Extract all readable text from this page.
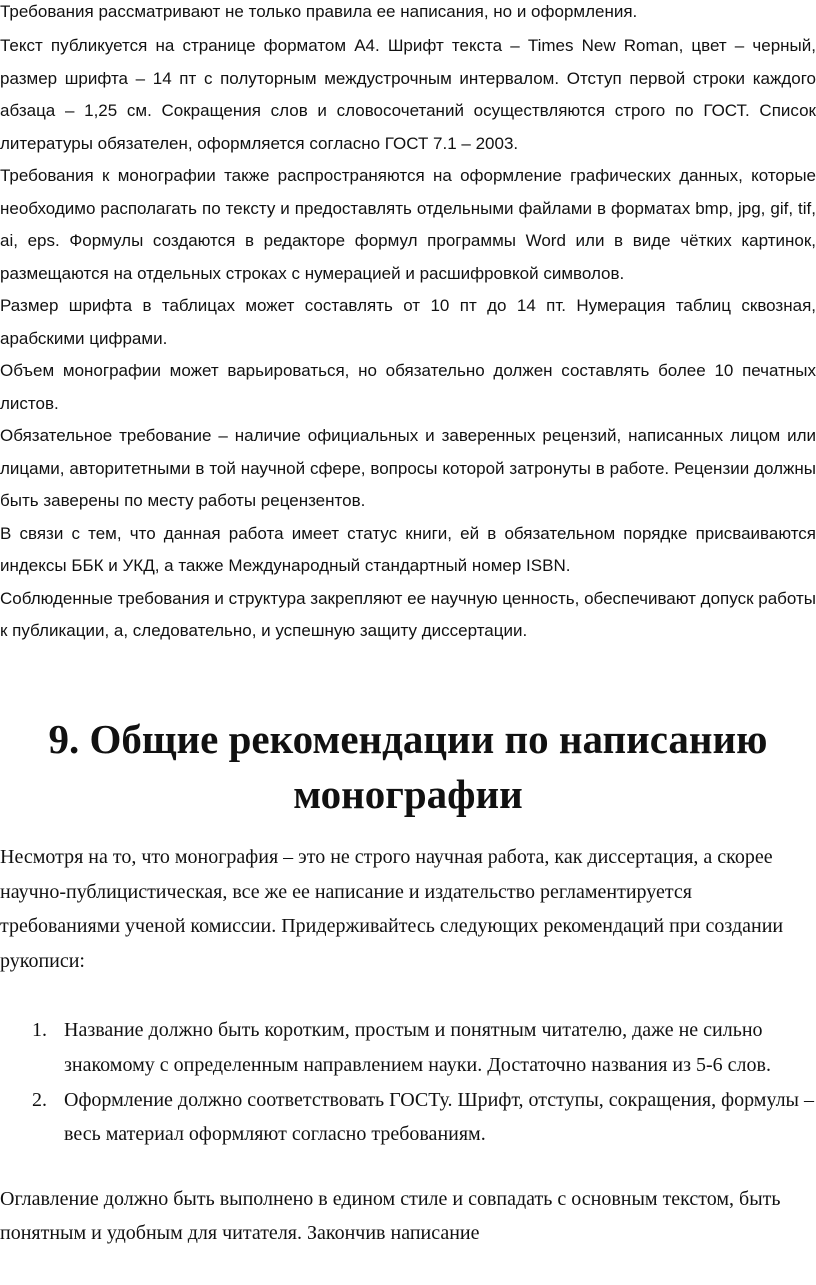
Требования рассматривают не только правила ее написания, но и оформления.

Текст публикуется на странице форматом А4. Шрифт текста – Times New Roman, цвет – черный, размер шрифта – 14 пт с полуторным междустрочным интервалом. Отступ первой строки каждого абзаца – 1,25 см. Сокращения слов и словосочетаний осуществляются строго по ГОСТ. Список литературы обязателен, оформляется согласно ГОСТ 7.1 – 2003.

Требования к монографии также распространяются на оформление графических данных, которые необходимо располагать по тексту и предоставлять отдельными файлами в форматах bmp, jpg, gif, tif, ai, eps. Формулы создаются в редакторе формул программы Word или в виде чётких картинок, размещаются на отдельных строках с нумерацией и расшифровкой символов.

Размер шрифта в таблицах может составлять от 10 пт до 14 пт. Нумерация таблиц сквозная, арабскими цифрами.

Объем монографии может варьироваться, но обязательно должен составлять более 10 печатных листов.

Обязательное требование – наличие официальных и заверенных рецензий, написанных лицом или лицами, авторитетными в той научной сфере, вопросы которой затронуты в работе. Рецензии должны быть заверены по месту работы рецензентов.

В связи с тем, что данная работа имеет статус книги, ей в обязательном порядке присваиваются индексы ББК и УКД, а также Международный стандартный номер ISBN.

Соблюденные требования и структура закрепляют ее научную ценность, обеспечивают допуск работы к публикации, а, следовательно, и успешную защиту диссертации.

9. Общие рекомендации по написанию монографии

Несмотря на то, что монография – это не строго научная работа, как диссертация, а скорее научно-публицистическая, все же ее написание и издательство регламентируется требованиями ученой комиссии. Придерживайтесь следующих рекомендаций при создании рукописи:

1. Название должно быть коротким, простым и понятным читателю, даже не сильно знакомому с определенным направлением науки. Достаточно названия из 5-6 слов.
2. Оформление должно соответствовать ГОСТу. Шрифт, отступы, сокращения, формулы – весь материал оформляют согласно требованиям.

Оглавление должно быть выполнено в едином стиле и совпадать с основным текстом, быть понятным и удобным для читателя. Закончив написание
